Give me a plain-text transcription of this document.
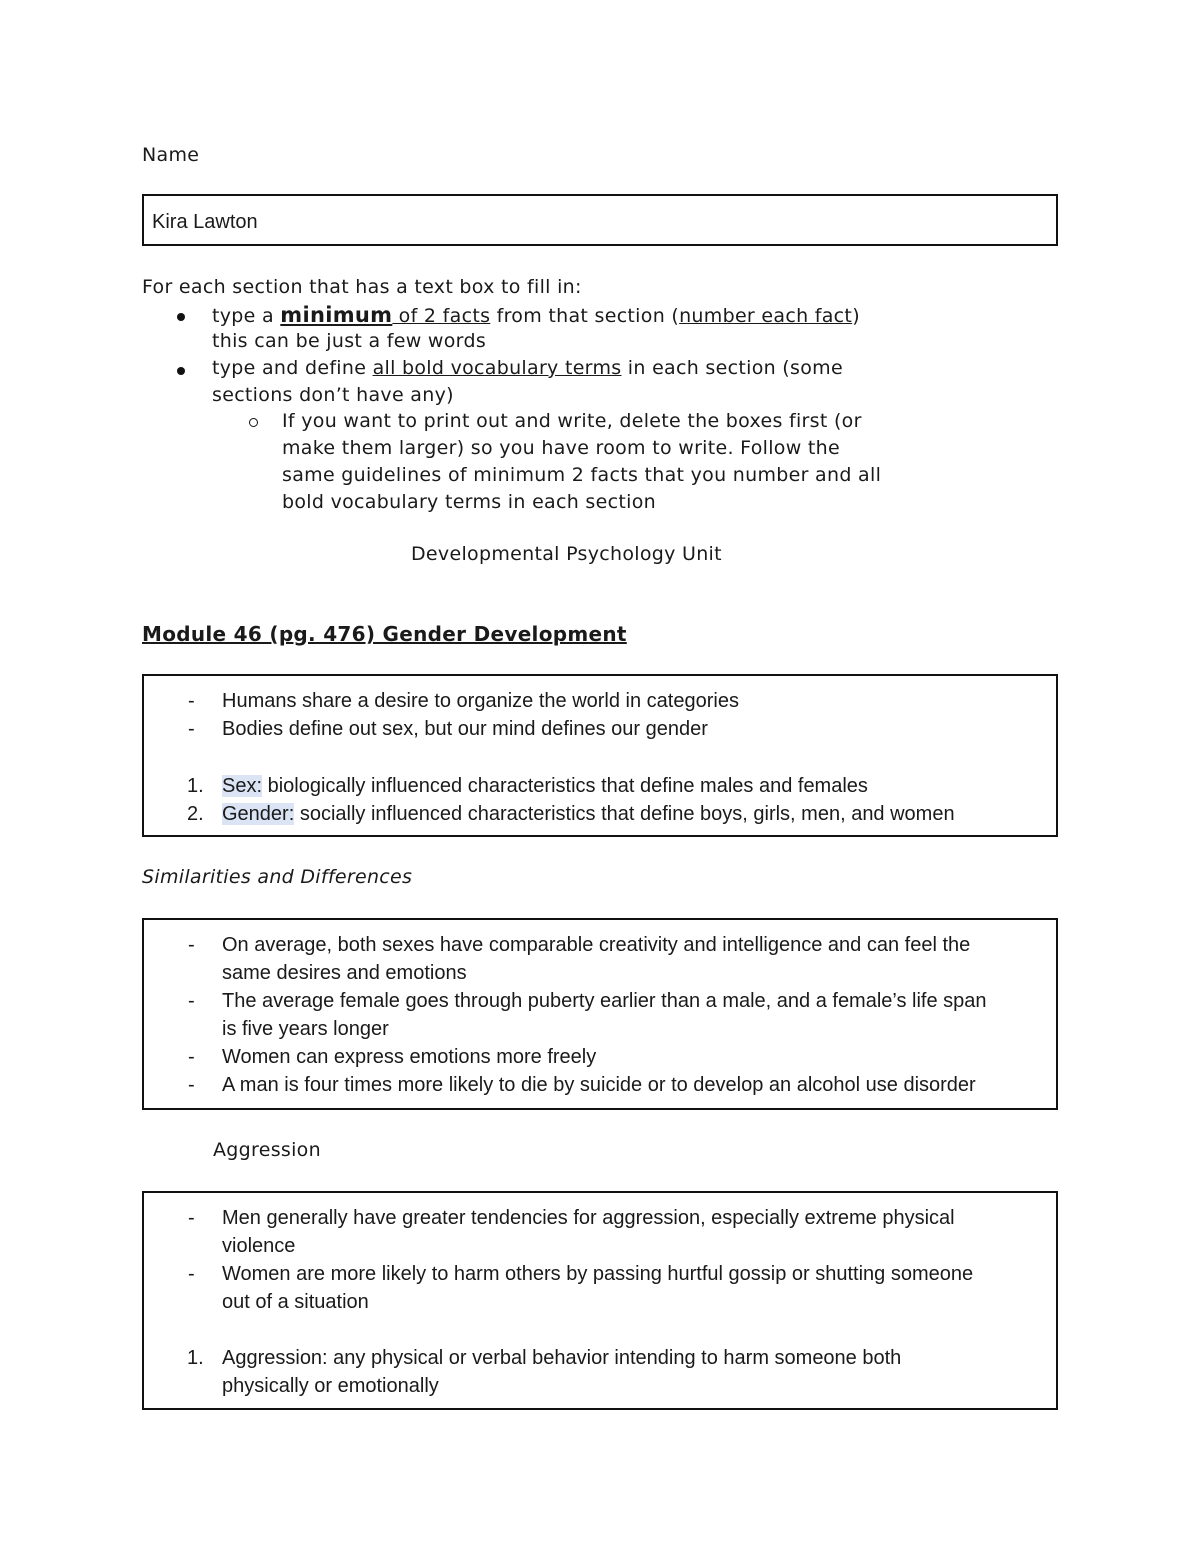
Name
Kira Lawton
For each section that has a text box to fill in:
type a minimum of 2 facts from that section (number each fact)
this can be just a few words
type and define all bold vocabulary terms in each section (some
sections don’t have any)
If you want to print out and write, delete the boxes first (or
make them larger) so you have room to write. Follow the
same guidelines of minimum 2 facts that you number and all
bold vocabulary terms in each section
Developmental Psychology Unit
Module 46 (pg. 476) Gender Development
- Humans share a desire to organize the world in categories
- Bodies define out sex, but our mind defines our gender
1. Sex: biologically influenced characteristics that define males and females
2. Gender: socially influenced characteristics that define boys, girls, men, and women
Similarities and Differences
- On average, both sexes have comparable creativity and intelligence and can feel the
same desires and emotions
- The average female goes through puberty earlier than a male, and a female’s life span
is five years longer
- Women can express emotions more freely
- A man is four times more likely to die by suicide or to develop an alcohol use disorder
Aggression
- Men generally have greater tendencies for aggression, especially extreme physical
violence
- Women are more likely to harm others by passing hurtful gossip or shutting someone
out of a situation
1. Aggression: any physical or verbal behavior intending to harm someone both
physically or emotionally
